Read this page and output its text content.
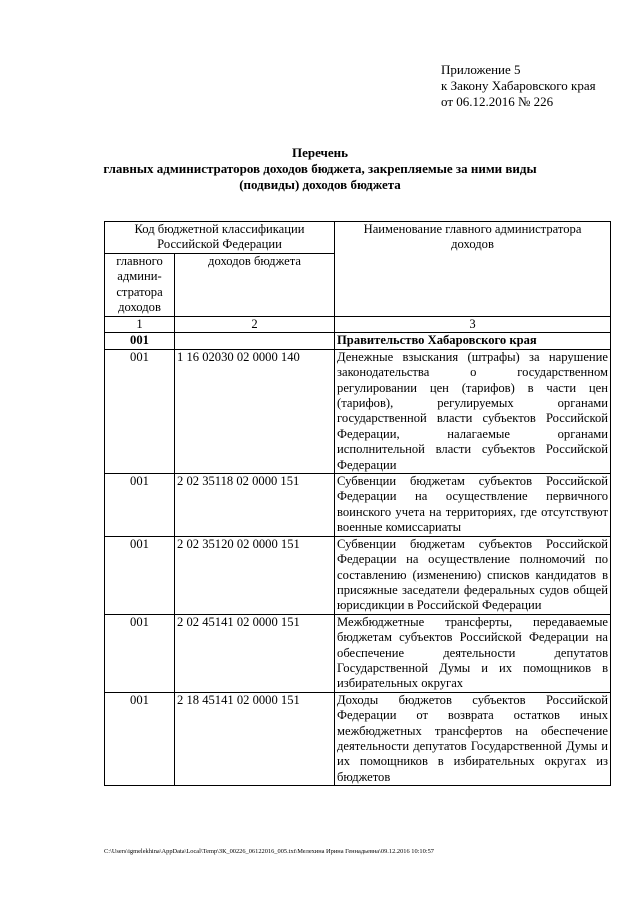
Приложение 5
к Закону Хабаровского края
от 06.12.2016 № 226
Перечень
главных администраторов доходов бюджета, закрепляемые за ними виды
(подвиды) доходов бюджета
Код бюджетной классификации Российской Федерации		Наименование главного администратора доходов
главного админи- стратора доходов	доходов бюджета	
1	2	3
001		Правительство Хабаровского края
001	1 16 02030 02 0000 140	Денежные взыскания (штрафы) за нарушение законодательства о государственном регулировании цен (тарифов) в части цен (тарифов), регулируемых органами государственной власти субъектов Российской Федерации, налагаемые органами исполнительной власти субъектов Российской Федерации
001	2 02 35118 02 0000 151	Субвенции бюджетам субъектов Российской Федерации на осуществление первичного воинского учета на территориях, где отсутствуют военные комиссариаты
001	2 02 35120 02 0000 151	Субвенции бюджетам субъектов Российской Федерации на осуществление полномочий по составлению (изменению) списков кандидатов в присяжные заседатели федеральных судов общей юрисдикции в Российской Федерации
001	2 02 45141 02 0000 151	Межбюджетные трансферты, передаваемые бюджетам субъектов Российской Федерации на обеспечение деятельности депутатов Государственной Думы и их помощников в избирательных округах
001	2 18 45141 02 0000 151	Доходы бюджетов субъектов Российской Федерации от возврата остатков иных межбюджетных трансфертов на обеспечение деятельности депутатов Государственной Думы и их помощников в избирательных округах из бюджетов
C:\Users\igmelekhina\AppData\Local\Temp\ЗК_00226_06122016_005.txt\Мелехина Ирина Геннадьевна\09.12.2016 10:10:57
